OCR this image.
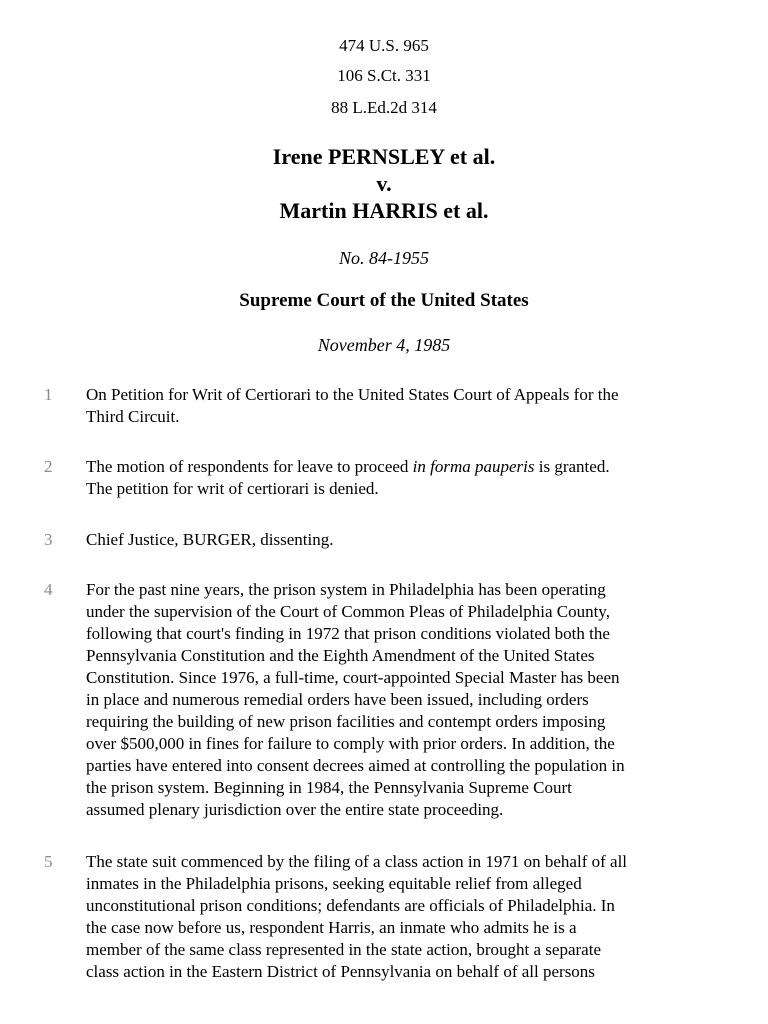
474 U.S. 965
106 S.Ct. 331
88 L.Ed.2d 314
Irene PERNSLEY et al.
v.
Martin HARRIS et al.
No. 84-1955
Supreme Court of the United States
November 4, 1985
1 On Petition for Writ of Certiorari to the United States Court of Appeals for the
Third Circuit.
2 The motion of respondents for leave to proceed in forma pauperis is granted.
The petition for writ of certiorari is denied.
3 Chief Justice, BURGER, dissenting.
4 For the past nine years, the prison system in Philadelphia has been operating
under the supervision of the Court of Common Pleas of Philadelphia County,
following that court's finding in 1972 that prison conditions violated both the
Pennsylvania Constitution and the Eighth Amendment of the United States
Constitution. Since 1976, a full-time, court-appointed Special Master has been
in place and numerous remedial orders have been issued, including orders
requiring the building of new prison facilities and contempt orders imposing
over $500,000 in fines for failure to comply with prior orders. In addition, the
parties have entered into consent decrees aimed at controlling the population in
the prison system. Beginning in 1984, the Pennsylvania Supreme Court
assumed plenary jurisdiction over the entire state proceeding.
5 The state suit commenced by the filing of a class action in 1971 on behalf of all
inmates in the Philadelphia prisons, seeking equitable relief from alleged
unconstitutional prison conditions; defendants are officials of Philadelphia. In
the case now before us, respondent Harris, an inmate who admits he is a
member of the same class represented in the state action, brought a separate
class action in the Eastern District of Pennsylvania on behalf of all persons
